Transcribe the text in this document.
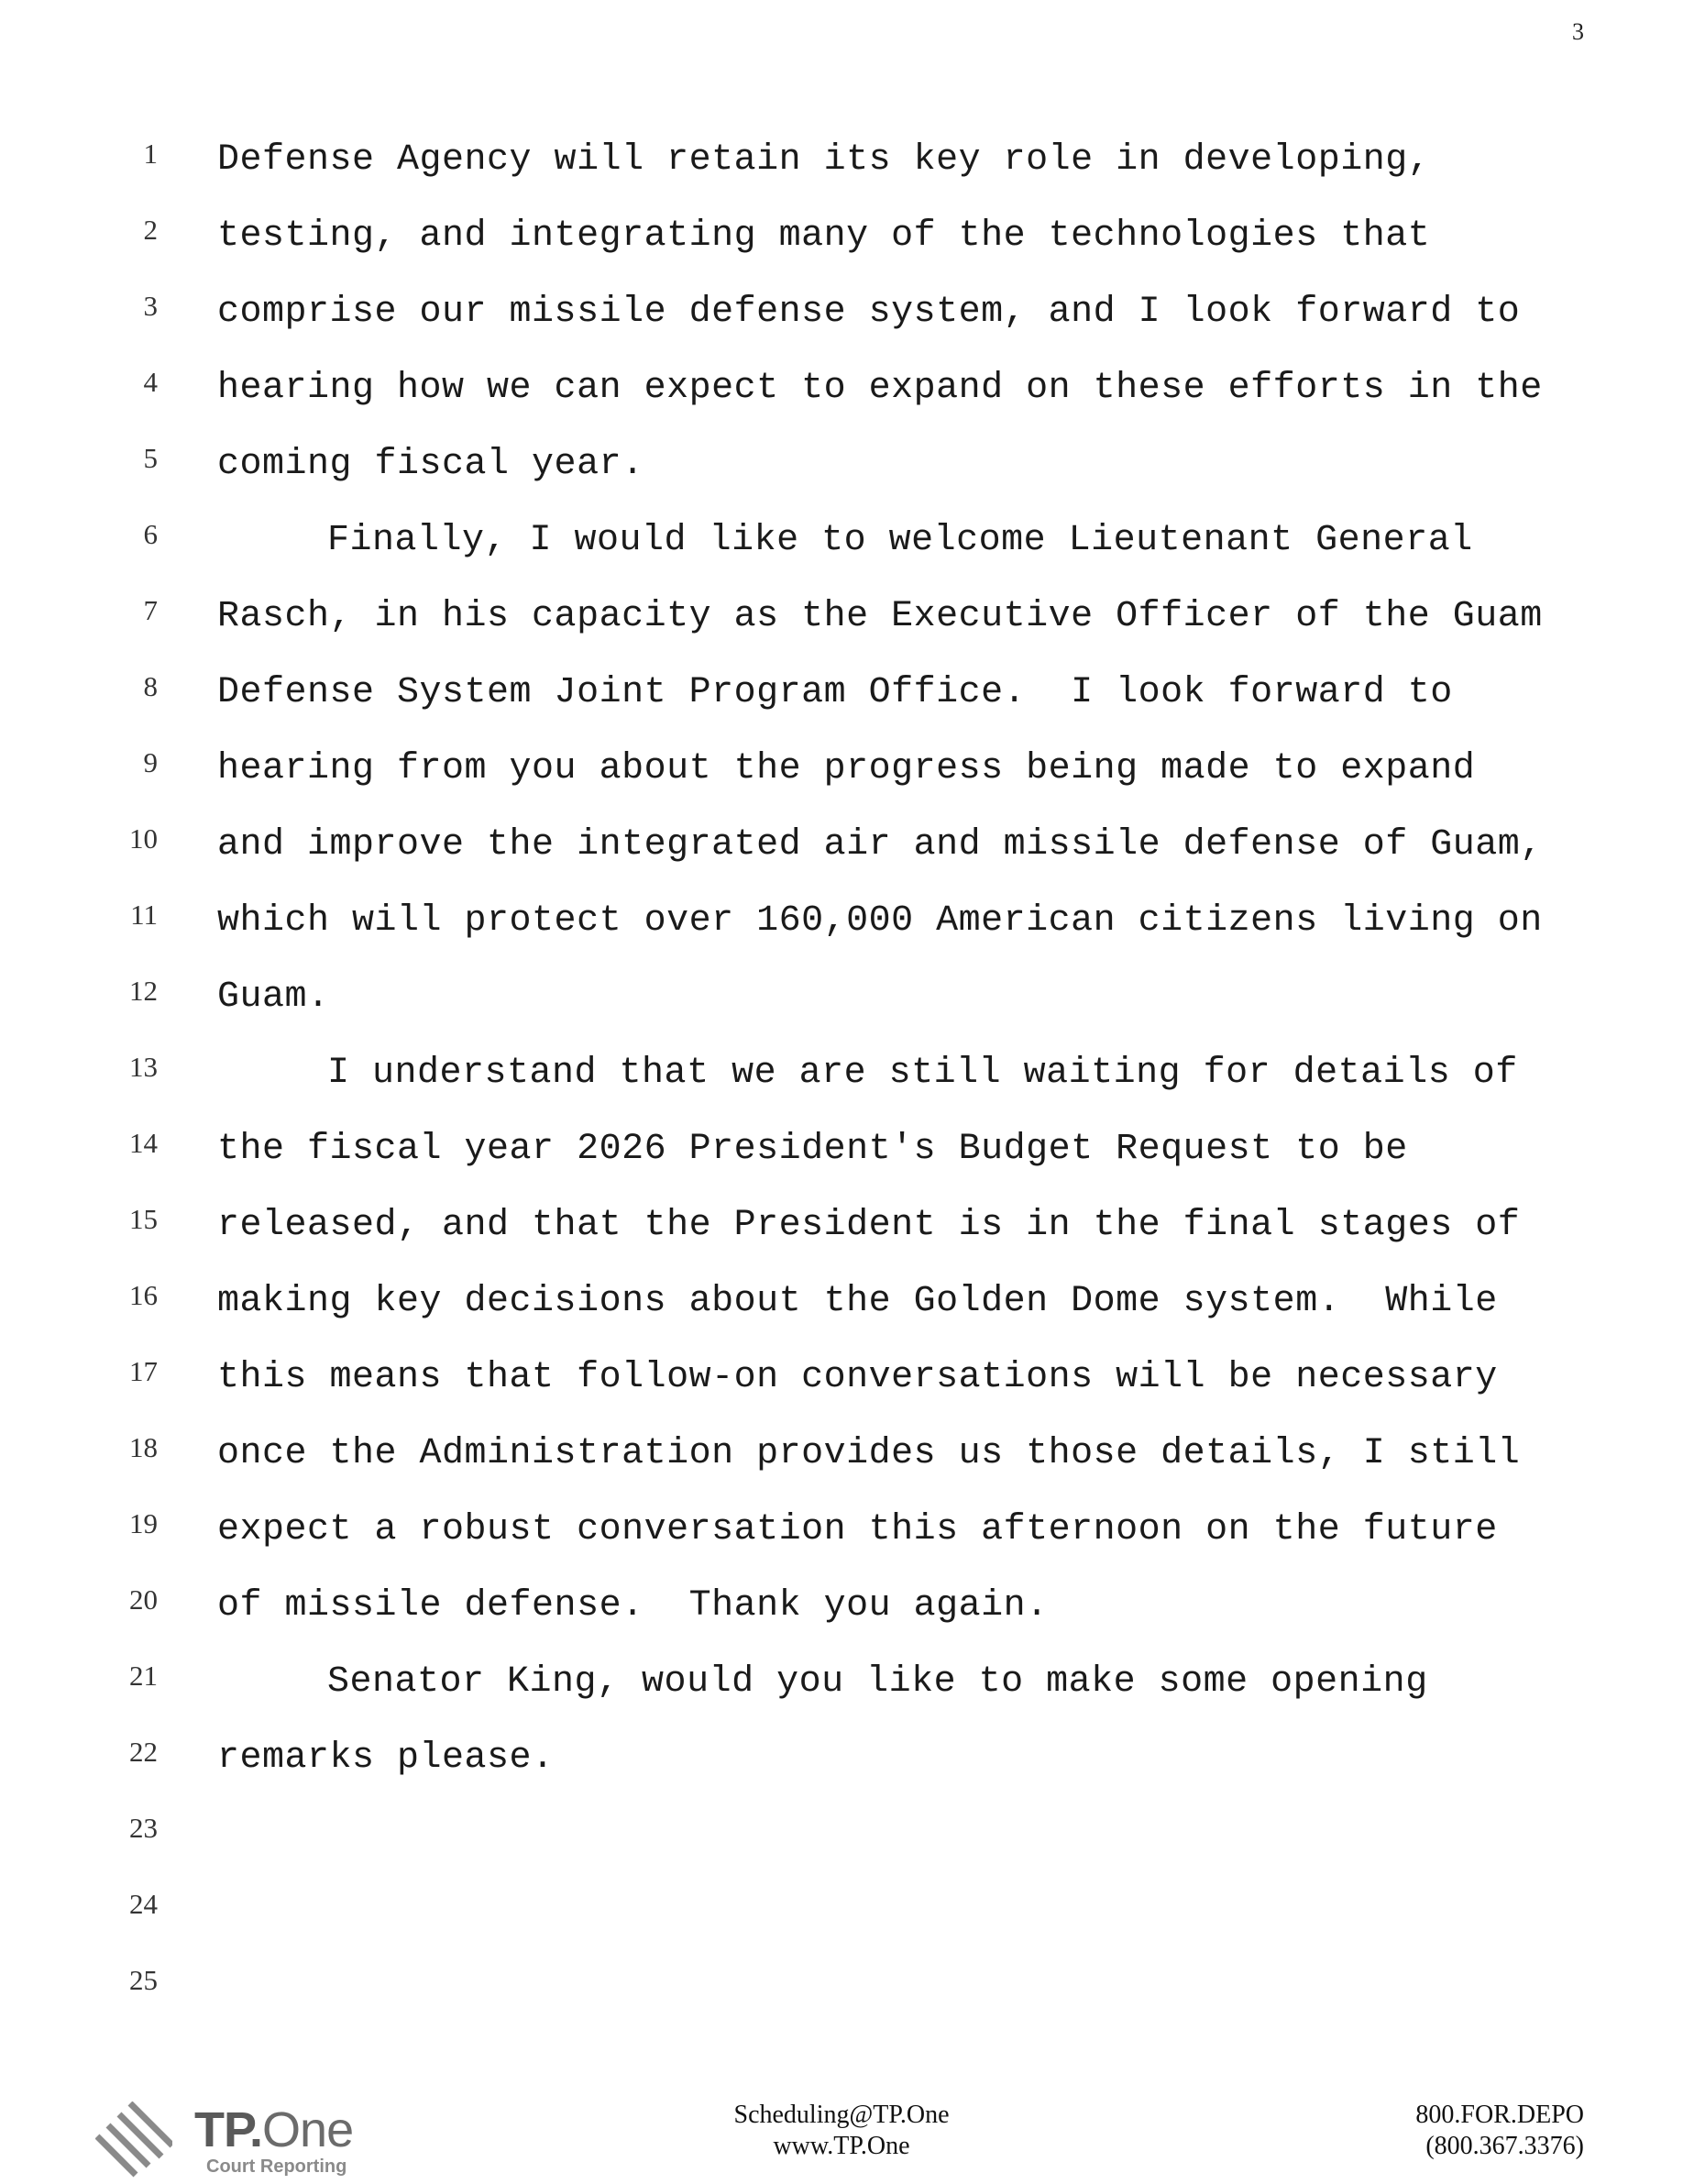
3
1 Defense Agency will retain its key role in developing,
2 testing, and integrating many of the technologies that
3 comprise our missile defense system, and I look forward to
4 hearing how we can expect to expand on these efforts in the
5 coming fiscal year.
6	Finally, I would like to welcome Lieutenant General
7 Rasch, in his capacity as the Executive Officer of the Guam
8 Defense System Joint Program Office.  I look forward to
9 hearing from you about the progress being made to expand
10 and improve the integrated air and missile defense of Guam,
11 which will protect over 160,000 American citizens living on
12 Guam.
13	I understand that we are still waiting for details of
14 the fiscal year 2026 President's Budget Request to be
15 released, and that the President is in the final stages of
16 making key decisions about the Golden Dome system.  While
17 this means that follow-on conversations will be necessary
18 once the Administration provides us those details, I still
19 expect a robust conversation this afternoon on the future
20 of missile defense.  Thank you again.
21	Senator King, would you like to make some opening
22 remarks please.
23
24
25
TP.One
Court Reporting
Scheduling@TP.One
www.TP.One
800.FOR.DEPO
(800.367.3376)
